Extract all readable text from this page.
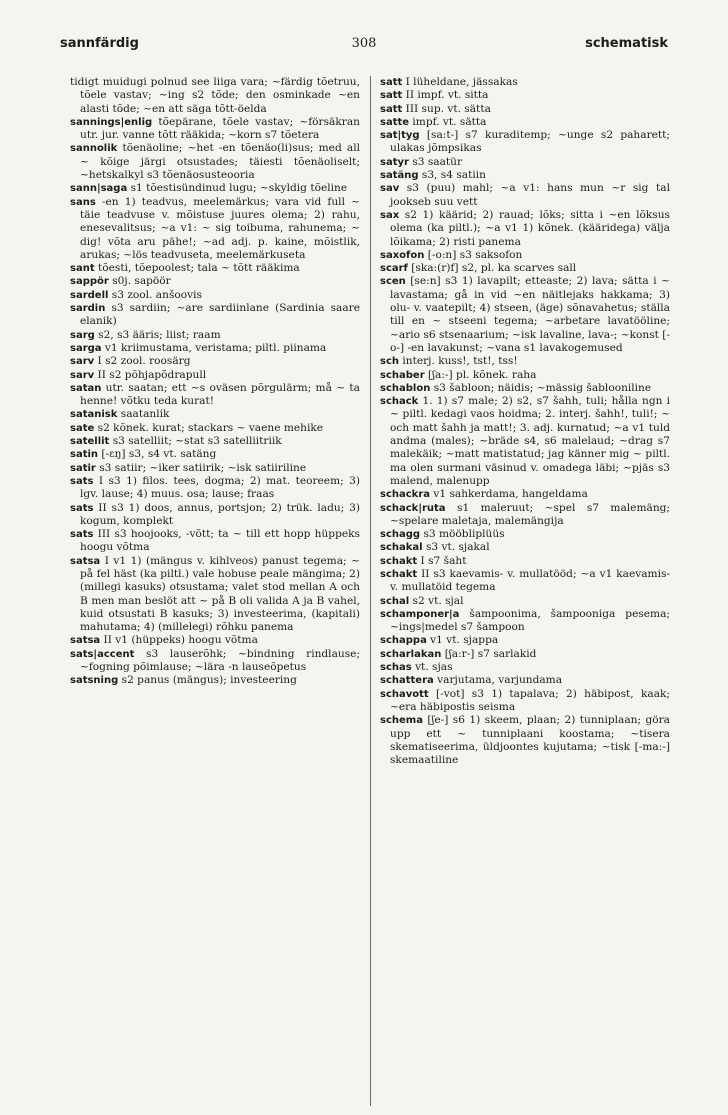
sannfärdig	308	schematisk

tidigt muidugi polnud see liiga vara; ~färdig tõetruu, tõele vastav; ~ing s2 tõde; den osminkade ~en alasti tõde; ~en att säga tõtt-öelda

sannings|enlig tõepärane, tõele vastav; ~försäkran utr. jur. vanne tõtt rääkida; ~korn s7 tõetera

sannolik tõenäoline; ~het -en tõenäo(li)sus; med all ~ kõige järgi otsustades; täiesti tõenäoliselt; ~hetskalkyl s3 tõenäosusteooria

sann|saga s1 tõestisündinud lugu; ~skyldig tõeline

sans -en 1) teadvus, meelemärkus; vara vid full ~ täie teadvuse v. mõistuse juures olema; 2) rahu, enesevalitsus; ~a v1: ~ sig toibuma, rahunema; ~ dig! võta aru pähe!; ~ad adj. p. kaine, mõistlik, arukas; ~lös teadvuseta, meelemärkuseta

sant tõesti, tõepoolest; tala ~ tõtt rääkima

sappör s0j. sapöör

sardell s3 zool. anšoovis

sardin s3 sardiin; ~are sardiinlane (Sardinia saare elanik)

sarg s2, s3 ääris; liist; raam

sarga v1 kriimustama, veristama; piltl. piinama

sarv I s2 zool. roosärg

sarv II s2 põhjapõdrapull

satan utr. saatan; ett ~s oväsen põrgulärm; må ~ ta henne! võtku teda kurat!

satanisk saatanlik

sate s2 kõnek. kurat; stackars ~ vaene mehike

satellit s3 satelliit; ~stat s3 satelliitriik

satin [-ɛŋ] s3, s4 vt. satäng

satir s3 satiir; ~iker satiirik; ~isk satiiriline

sats I s3 1) filos. tees, dogma; 2) mat. teoreem; 3) lgv. lause; 4) muus. osa; lause; fraas

sats II s3 1) doos, annus, portsjon; 2) trük. ladu; 3) kogum, komplekt

sats III s3 hoojooks, -võtt; ta ~ till ett hopp hüppeks hoogu võtma

satsa I v1 1) (mängus v. kihlveos) panust tegema; ~ på fel häst (ka piltl.) vale hobuse peale mängima; 2) (millegi kasuks) otsustama; valet stod mellan A och B men man beslöt att ~ på B oli valida A ja B vahel, kuid otsustati B kasuks; 3) investeerima, (kapitali) mahutama; 4) (millelegi) rõhku panema

satsa II v1 (hüppeks) hoogu võtma

sats|accent s3 lauserõhk; ~bindning rindlause; ~fogning põimlause; ~lära -n lauseõpetus

satsning s2 panus (mängus); investeering

satt I lüheldane, jässakas

satt II impf. vt. sitta

satt III sup. vt. sätta

satte impf. vt. sätta

sat|tyg [sa:t-] s7 kuraditemp; ~unge s2 paharett; ulakas jõmpsikas

satyr s3 saatür

satäng s3, s4 satiin

sav s3 (puu) mahl; ~a v1: hans mun ~r sig tal jookseb suu vett

sax s2 1) käärid; 2) rauad; lõks; sitta i ~en lõksus olema (ka piltl.); ~a v1 1) kõnek. (kääridega) välja lõikama; 2) risti panema

saxofon [-o:n] s3 saksofon

scarf [ska:(r)f] s2, pl. ka scarves sall

scen [se:n] s3 1) lavapilt; etteaste; 2) lava; sätta i ~ lavastama; gå in vid ~en näitlejaks hakkama; 3) olu- v. vaatepilt; 4) stseen, (äge) sõnavahetus; ställa till en ~ stseeni tegema; ~arbetare lavatööline; ~ario s6 stsenaarium; ~isk lavaline, lava-; ~konst [-o-] -en lavakunst; ~vana s1 lavakogemused

sch interj. kuss!, tst!, tss!

schaber [ʃa:-] pl. kõnek. raha

schablon s3 šabloon; näidis; ~mässig šablooniline

schack 1. 1) s7 male; 2) s2, s7 šahh, tuli; hålla ngn i ~ piltl. kedagi vaos hoidma; 2. interj. šahh!, tuli!; ~ och matt šahh ja matt!; 3. adj. kurnatud; ~a v1 tuld andma (males); ~bräde s4, s6 malelaud; ~drag s7 malekäik; ~matt matistatud; jag känner mig ~ piltl. ma olen surmani väsinud v. omadega läbi; ~pjäs s3 malend, malenupp

schackra v1 sahkerdama, hangeldama

schack|ruta s1 maleruut; ~spel s7 malemäng; ~spelare maletaja, malemängija

schagg s3 mööbliplüüs

schakal s3 vt. sjakal

schakt I s7 šaht

schakt II s3 kaevamis- v. mullatööd; ~a v1 kaevamis- v. mullatöid tegema

schal s2 vt. sjal

schamponer|a šampoonima, šampooniga pesema; ~ings|medel s7 šampoon

schappa v1 vt. sjappa

scharlakan [ʃa:r-] s7 sarlakid

schas vt. sjas

schattera varjutama, varjundama

schavott [-vot] s3 1) tapalava; 2) häbipost, kaak; ~era häbipostis seisma

schema [ʃe-] s6 1) skeem, plaan; 2) tunniplaan; göra upp ett ~ tunniplaani koostama; ~tisera skematiseerima, üldjoontes kujutama; ~tisk [-ma:-] skemaatiline
